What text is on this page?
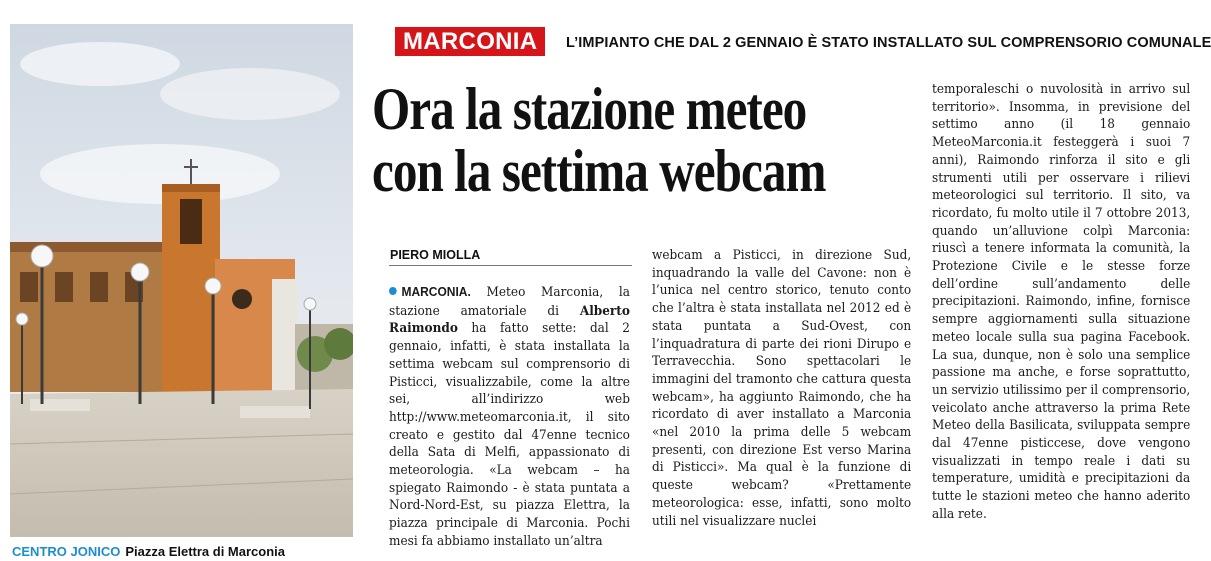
CENTRO JONICO Piazza Elettra di Marconia
MARCONIA	L’IMPIANTO CHE DAL 2 GENNAIO È STATO INSTALLATO SUL COMPRENSORIO COMUNALE
Ora la stazione meteo
con la settima webcam
PIERO MIOLLA
MARCONIA. Meteo Marconia, la stazione amatoriale di Alberto Raimondo ha fatto sette: dal 2 gennaio, infatti, è stata installata la settima webcam sul comprensorio di Pisticci, visualizzabile, come la altre sei, all’indirizzo web http://www.meteomarconia.it, il sito creato e gestito dal 47enne tecnico della Sata di Melfi, appassionato di meteorologia. «La webcam – ha spiegato Raimondo - è stata puntata a Nord-Nord-Est, su piazza Elettra, la piazza principale di Marconia. Pochi mesi fa abbiamo installato un’altra
webcam a Pisticci, in direzione Sud, inquadrando la valle del Cavone: non è l’unica nel centro storico, tenuto conto che l’altra è stata installata nel 2012 ed è stata puntata a Sud-Ovest, con l’inquadratura di parte dei rioni Dirupo e Terravecchia. Sono spettacolari le immagini del tramonto che cattura questa webcam», ha aggiunto Raimondo, che ha ricordato di aver installato a Marconia «nel 2010 la prima delle 5 webcam presenti, con direzione Est verso Marina di Pisticci». Ma qual è la funzione di queste webcam? «Prettamente meteorologica: esse, infatti, sono molto utili nel visualizzare nuclei
temporaleschi o nuvolosità in arrivo sul territorio». Insomma, in previsione del settimo anno (il 18 gennaio MeteoMarconia.it festeggerà i suoi 7 anni), Raimondo rinforza il sito e gli strumenti utili per osservare i rilievi meteorologici sul territorio. Il sito, va ricordato, fu molto utile il 7 ottobre 2013, quando un’alluvione colpì Marconia: riuscì a tenere informata la comunità, la Protezione Civile e le stesse forze dell’ordine sull’andamento delle precipitazioni. Raimondo, infine, fornisce sempre aggiornamenti sulla situazione meteo locale sulla sua pagina Facebook. La sua, dunque, non è solo una semplice passione ma anche, e forse soprattutto, un servizio utilissimo per il comprensorio, veicolato anche attraverso la prima Rete Meteo della Basilicata, sviluppata sempre dal 47enne pisticcese, dove vengono visualizzati in tempo reale i dati su temperature, umidità e precipitazioni da tutte le stazioni meteo che hanno aderito alla rete.
